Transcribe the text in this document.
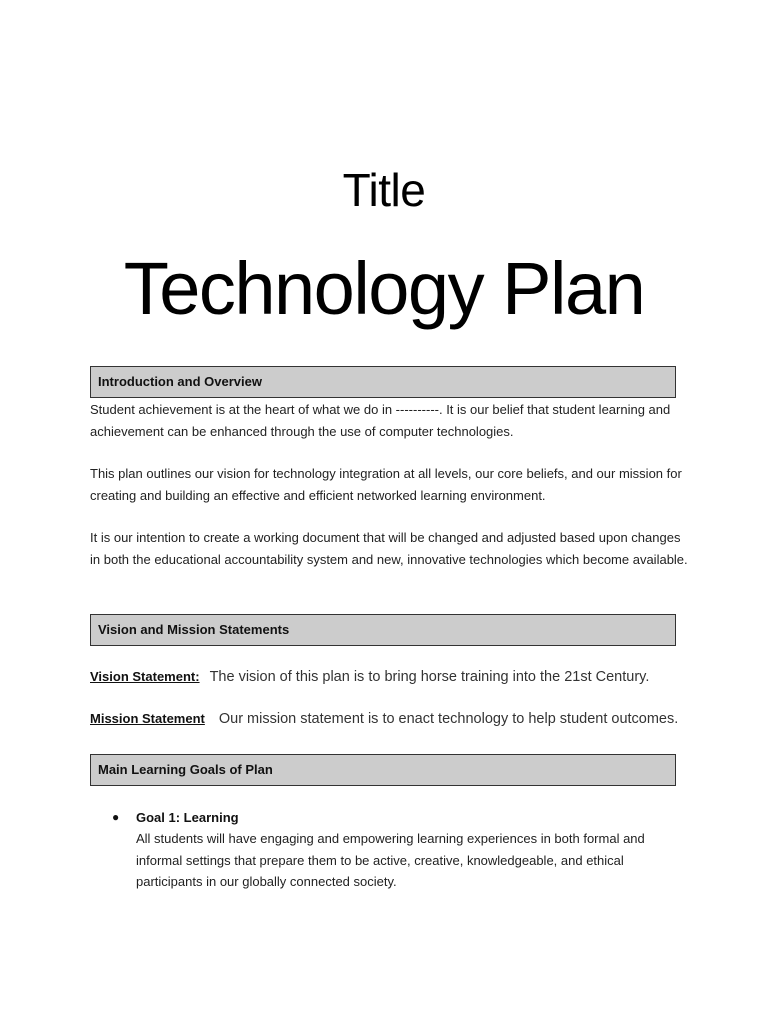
Title
Technology Plan
Introduction and Overview

Student achievement is at the heart of what we do in ----------. It is our belief that student learning and achievement can be enhanced through the use of computer technologies.

This plan outlines our vision for technology integration at all levels, our core beliefs, and our mission for creating and building an effective and efficient networked learning environment.

It is our intention to create a working document that will be changed and adjusted based upon changes in both the educational accountability system and new, innovative technologies which become available.

Vision and Mission Statements
Vision Statement: The vision of this plan is to bring horse training into the 21st Century.
Mission Statement Our mission statement is to enact technology to help student outcomes.
Main Learning Goals of Plan
● Goal 1: Learning

All students will have engaging and empowering learning experiences in both formal and informal settings that prepare them to be active, creative, knowledgeable, and ethical participants in our globally connected society.
